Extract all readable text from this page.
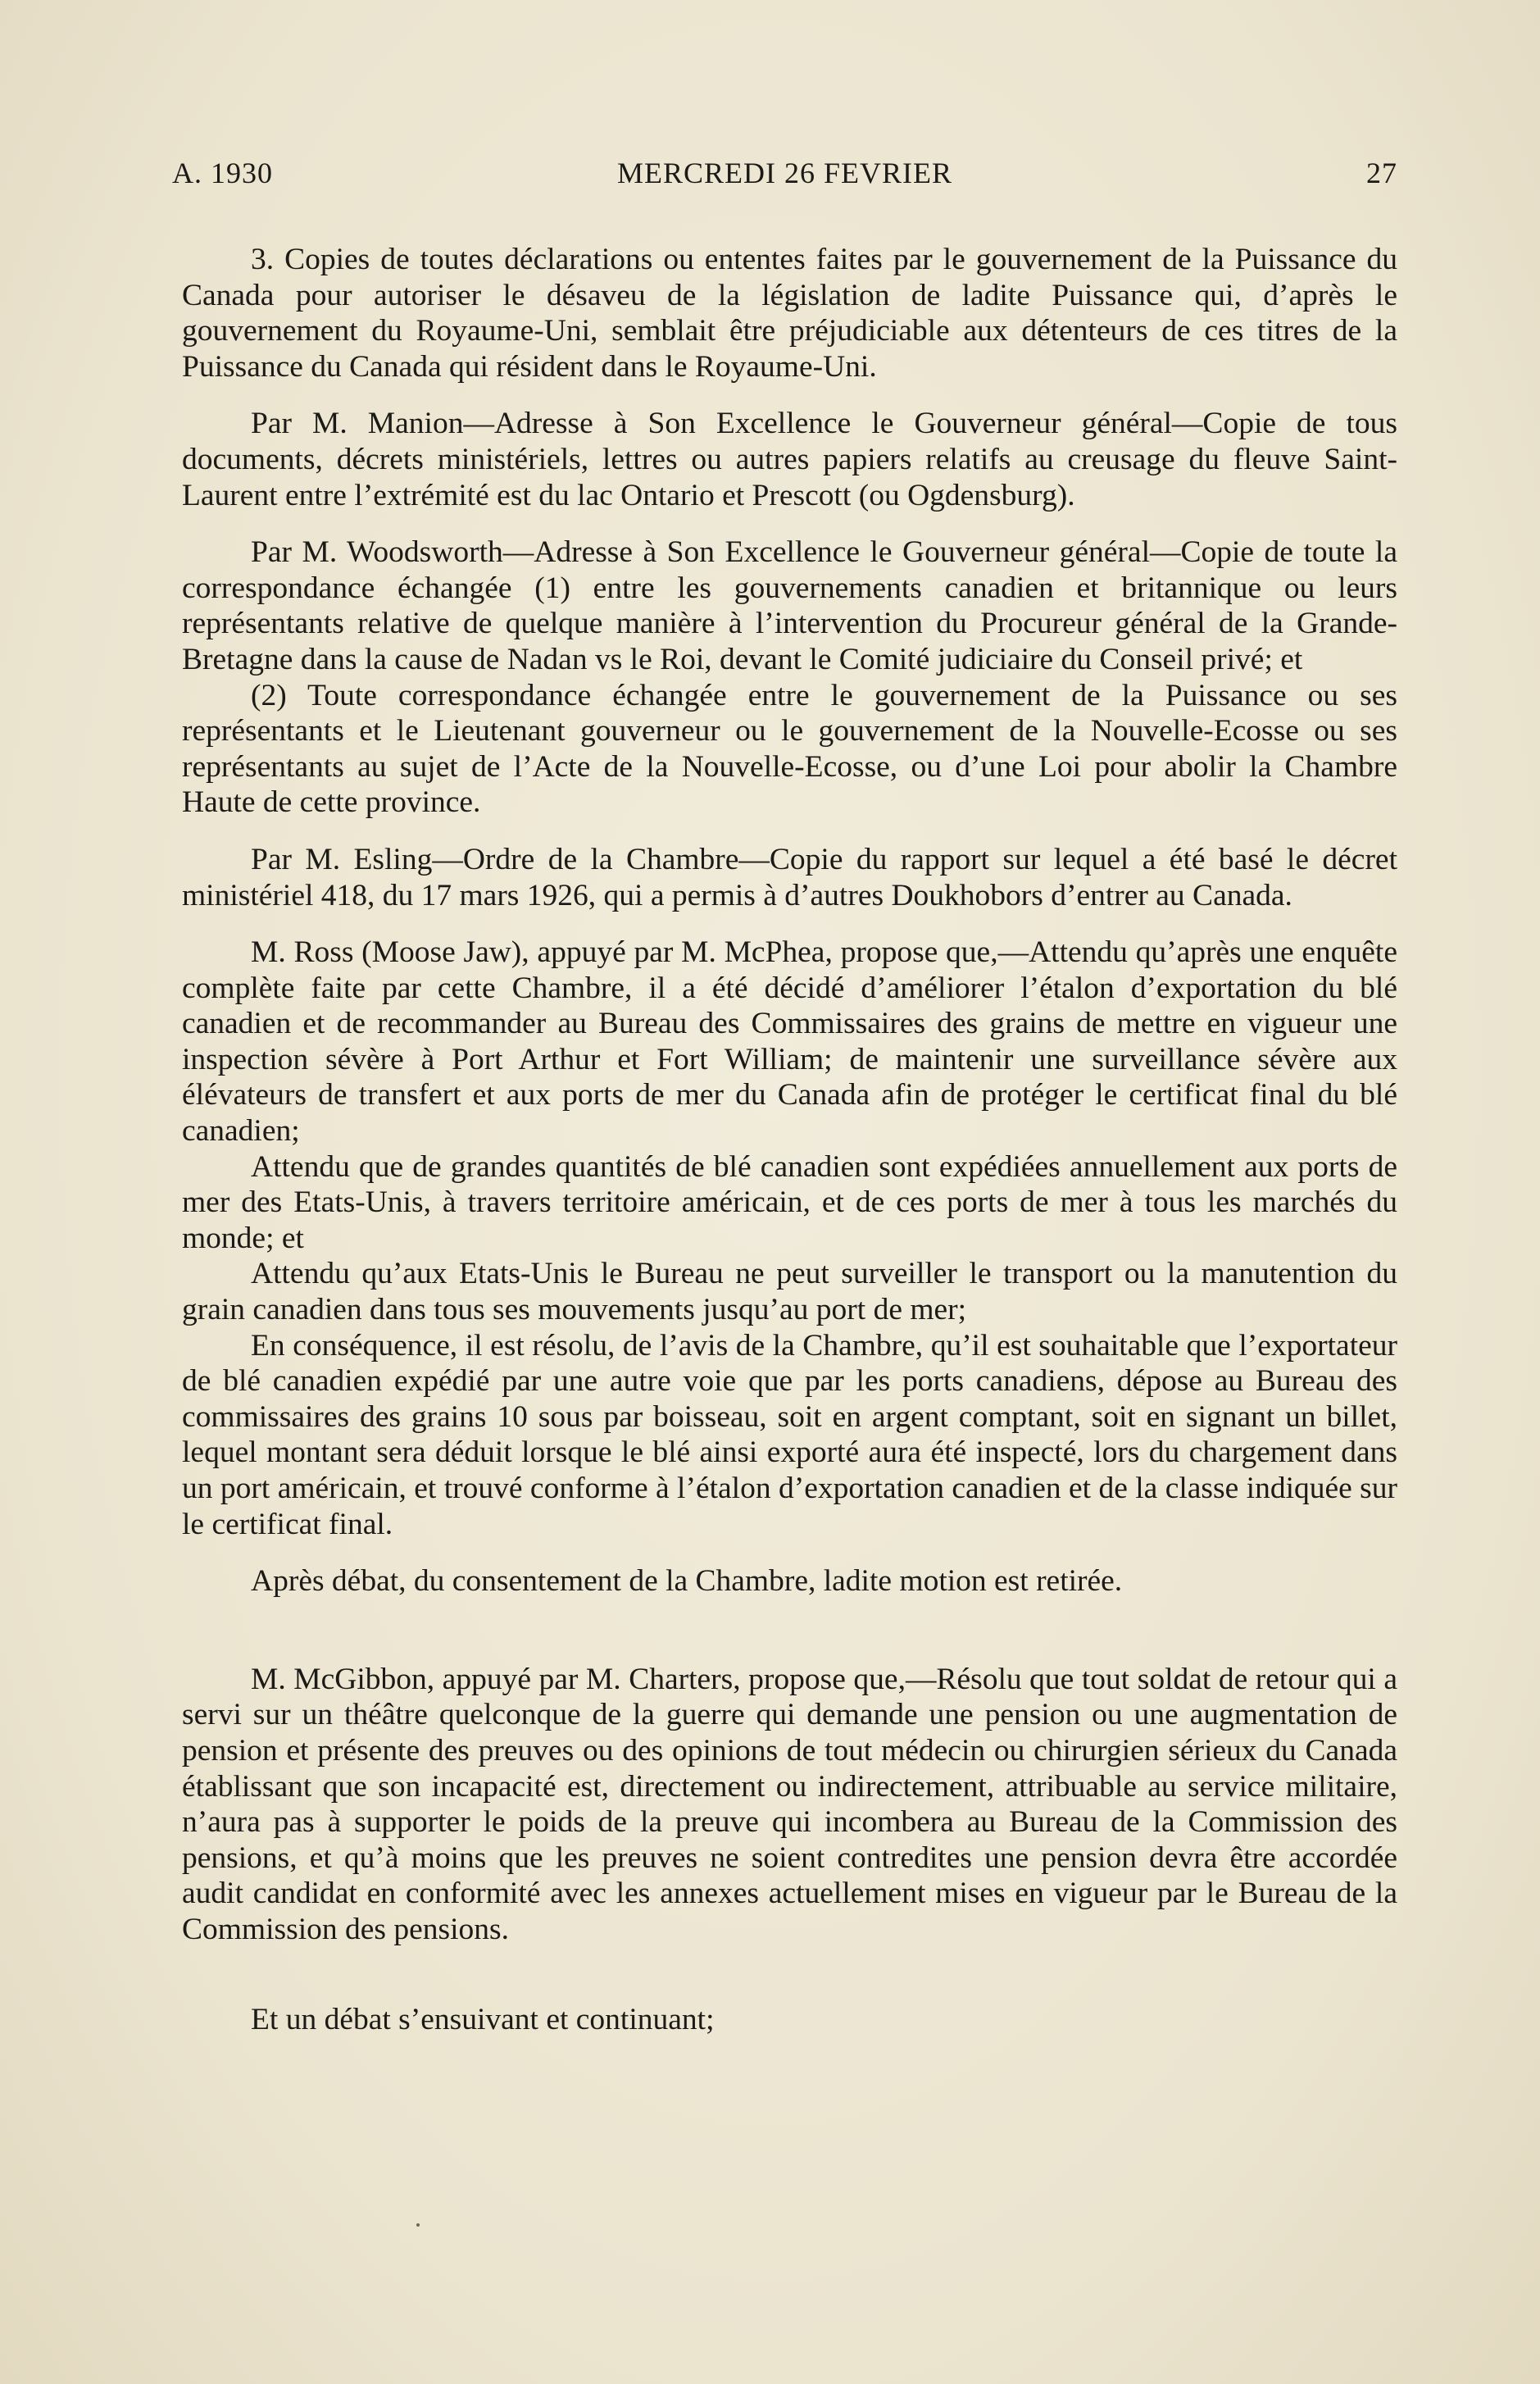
A. 1930	MERCREDI 26 FEVRIER	27

3. Copies de toutes déclarations ou ententes faites par le gouvernement de la Puissance du Canada pour autoriser le désaveu de la législation de ladite Puissance qui, d’après le gouvernement du Royaume-Uni, semblait être préjudiciable aux détenteurs de ces titres de la Puissance du Canada qui résident dans le Royaume-Uni.

Par M. Manion—Adresse à Son Excellence le Gouverneur général—Copie de tous documents, décrets ministériels, lettres ou autres papiers relatifs au creusage du fleuve Saint-Laurent entre l’extrémité est du lac Ontario et Prescott (ou Ogdensburg).

Par M. Woodsworth—Adresse à Son Excellence le Gouverneur général—Copie de toute la correspondance échangée (1) entre les gouvernements canadien et britannique ou leurs représentants relative de quelque manière à l’intervention du Procureur général de la Grande-Bretagne dans la cause de Nadan vs le Roi, devant le Comité judiciaire du Conseil privé; et

(2) Toute correspondance échangée entre le gouvernement de la Puissance ou ses représentants et le Lieutenant gouverneur ou le gouvernement de la Nouvelle-Ecosse ou ses représentants au sujet de l’Acte de la Nouvelle-Ecosse, ou d’une Loi pour abolir la Chambre Haute de cette province.

Par M. Esling—Ordre de la Chambre—Copie du rapport sur lequel a été basé le décret ministériel 418, du 17 mars 1926, qui a permis à d’autres Doukhobors d’entrer au Canada.

M. Ross (Moose Jaw), appuyé par M. McPhea, propose que,—Attendu qu’après une enquête complète faite par cette Chambre, il a été décidé d’améliorer l’étalon d’exportation du blé canadien et de recommander au Bureau des Commissaires des grains de mettre en vigueur une inspection sévère à Port Arthur et Fort William; de maintenir une surveillance sévère aux élévateurs de transfert et aux ports de mer du Canada afin de protéger le certificat final du blé canadien;

Attendu que de grandes quantités de blé canadien sont expédiées annuellement aux ports de mer des Etats-Unis, à travers territoire américain, et de ces ports de mer à tous les marchés du monde; et

Attendu qu’aux Etats-Unis le Bureau ne peut surveiller le transport ou la manutention du grain canadien dans tous ses mouvements jusqu’au port de mer;

En conséquence, il est résolu, de l’avis de la Chambre, qu’il est souhaitable que l’exportateur de blé canadien expédié par une autre voie que par les ports canadiens, dépose au Bureau des commissaires des grains 10 sous par boisseau, soit en argent comptant, soit en signant un billet, lequel montant sera déduit lorsque le blé ainsi exporté aura été inspecté, lors du chargement dans un port américain, et trouvé conforme à l’étalon d’exportation canadien et de la classe indiquée sur le certificat final.

Après débat, du consentement de la Chambre, ladite motion est retirée.

M. McGibbon, appuyé par M. Charters, propose que,—Résolu que tout soldat de retour qui a servi sur un théâtre quelconque de la guerre qui demande une pension ou une augmentation de pension et présente des preuves ou des opinions de tout médecin ou chirurgien sérieux du Canada établissant que son incapacité est, directement ou indirectement, attribuable au service militaire, n’aura pas à supporter le poids de la preuve qui incombera au Bureau de la Commission des pensions, et qu’à moins que les preuves ne soient contredites une pension devra être accordée audit candidat en conformité avec les annexes actuellement mises en vigueur par le Bureau de la Commission des pensions.

Et un débat s’ensuivant et continuant;
